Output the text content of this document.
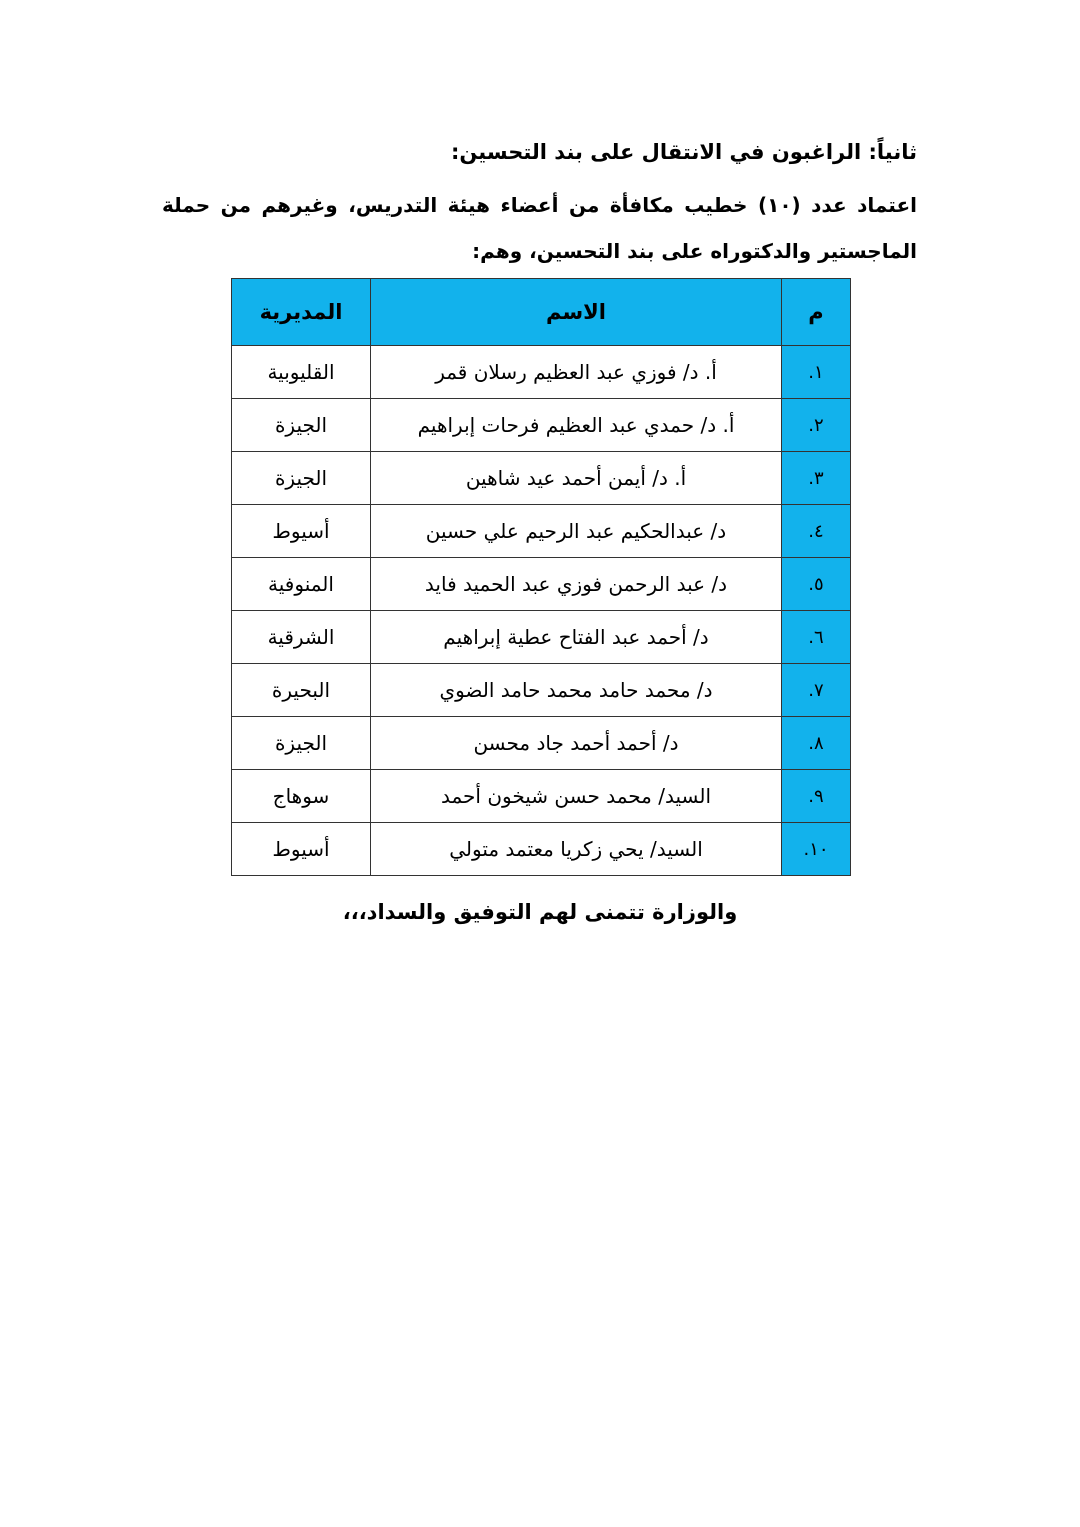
ثانياً: الراغبون في الانتقال على بند التحسين:
اعتماد عدد (١٠) خطيب مكافأة من أعضاء هيئة التدريس، وغيرهم من حملة الماجستير والدكتوراه على بند التحسين، وهم:
م	الاسم	المديرية
١.	أ. د/ فوزي عبد العظيم رسلان قمر	القليوبية
٢.	أ. د/ حمدي عبد العظيم فرحات إبراهيم	الجيزة
٣.	أ. د/ أيمن أحمد عيد شاهين	الجيزة
٤.	د/ عبدالحكيم عبد الرحيم علي حسين	أسيوط
٥.	د/ عبد الرحمن فوزي عبد الحميد فايد	المنوفية
٦.	د/ أحمد عبد الفتاح عطية إبراهيم	الشرقية
٧.	د/ محمد حامد محمد حامد الضوي	البحيرة
٨.	د/ أحمد أحمد جاد محسن	الجيزة
٩.	السيد/ محمد حسن شيخون أحمد	سوهاج
١٠.	السيد/ يحي زكريا معتمد متولي	أسيوط
والوزارة تتمنى لهم التوفيق والسداد،،،
